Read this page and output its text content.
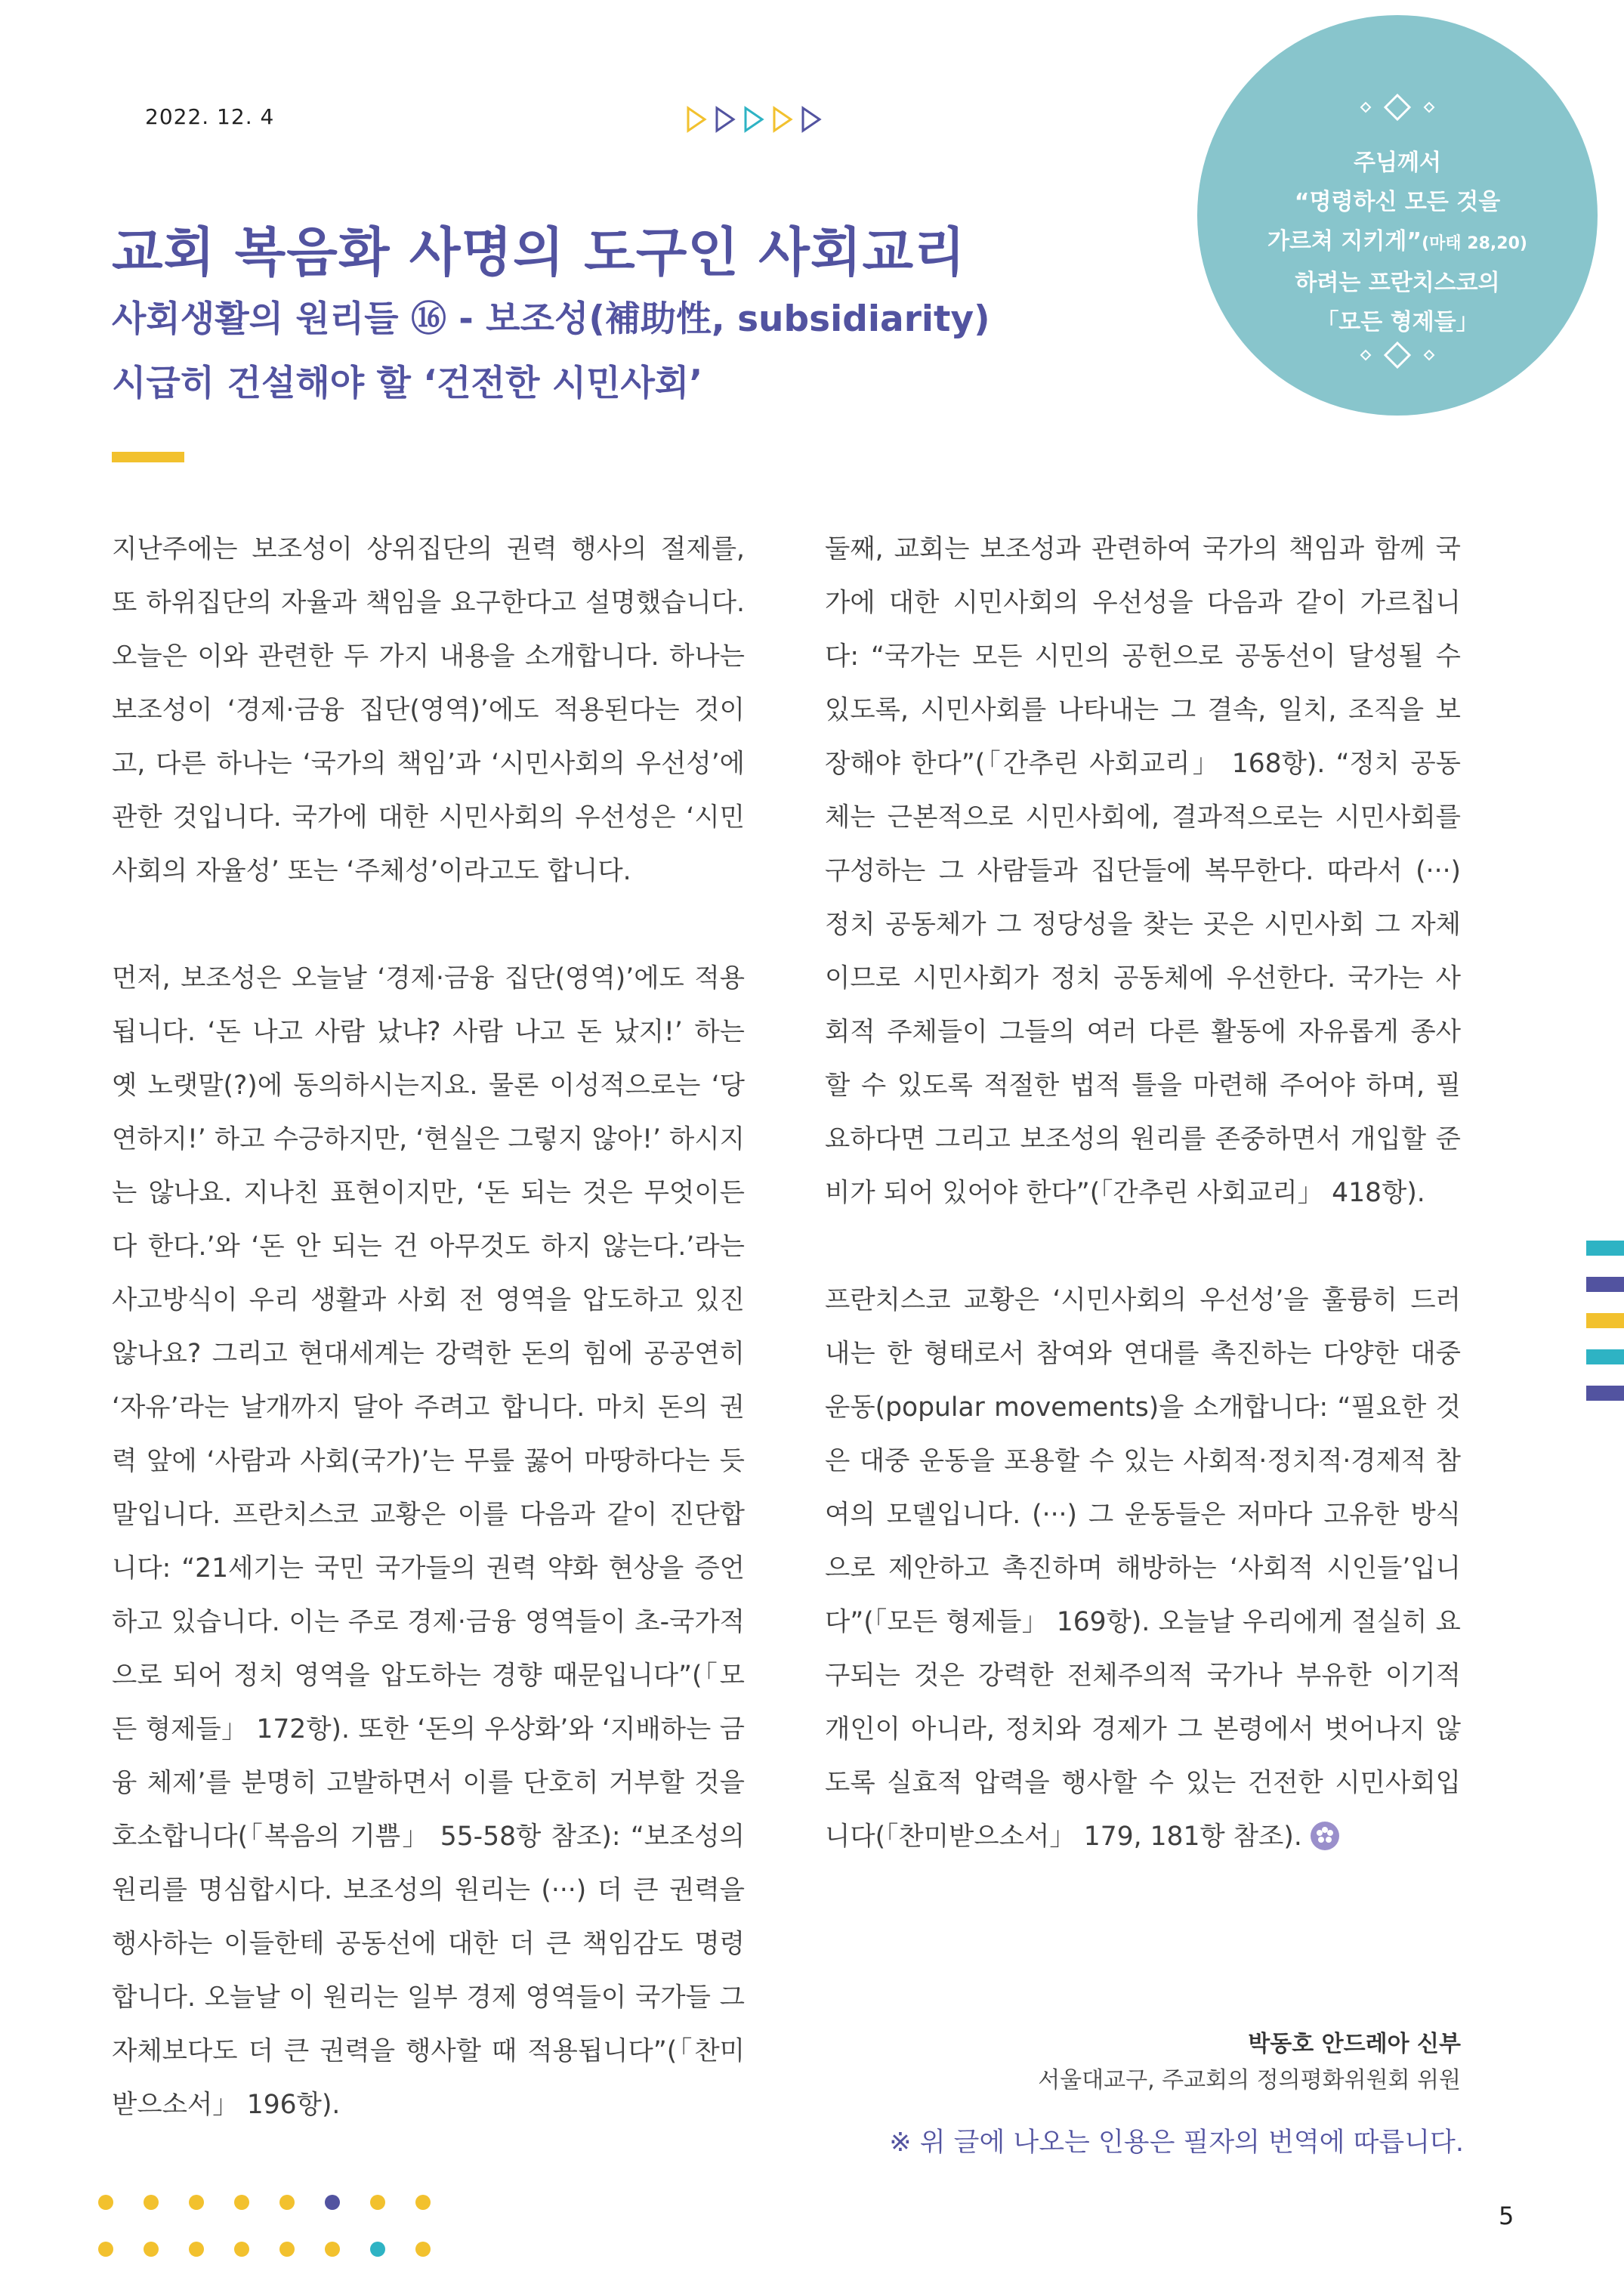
2022. 12. 4
주님께서
“명령하신 모든 것을
가르쳐 지키게”(마태 28,20)
하려는 프란치스코의
「모든 형제들」
교회 복음화 사명의 도구인 사회교리
사회생활의 원리들 ⑯ - 보조성(補助性, subsidiarity)
시급히 건설해야 할 ‘건전한 시민사회’

지난주에는 보조성이 상위집단의 권력 행사의 절제를, 또 하위집단의 자율과 책임을 요구한다고 설명했습니다. 오늘은 이와 관련한 두 가지 내용을 소개합니다. 하나는 보조성이 ‘경제·금융 집단(영역)’에도 적용된다는 것이고, 다른 하나는 ‘국가의 책임’과 ‘시민사회의 우선성’에 관한 것입니다. 국가에 대한 시민사회의 우선성은 ‘시민사회의 자율성’ 또는 ‘주체성’이라고도 합니다.

먼저, 보조성은 오늘날 ‘경제·금융 집단(영역)’에도 적용됩니다. ‘돈 나고 사람 났냐? 사람 나고 돈 났지!’ 하는 옛 노랫말(?)에 동의하시는지요. 물론 이성적으로는 ‘당연하지!’ 하고 수긍하지만, ‘현실은 그렇지 않아!’ 하시지는 않나요. 지나친 표현이지만, ‘돈 되는 것은 무엇이든 다 한다.’와 ‘돈 안 되는 건 아무것도 하지 않는다.’라는 사고방식이 우리 생활과 사회 전 영역을 압도하고 있진 않나요? 그리고 현대세계는 강력한 돈의 힘에 공공연히 ‘자유’라는 날개까지 달아 주려고 합니다. 마치 돈의 권력 앞에 ‘사람과 사회(국가)’는 무릎 꿇어 마땅하다는 듯 말입니다. 프란치스코 교황은 이를 다음과 같이 진단합니다: “21세기는 국민 국가들의 권력 약화 현상을 증언하고 있습니다. 이는 주로 경제·금융 영역들이 초-국가적으로 되어 정치 영역을 압도하는 경향 때문입니다”(「모든 형제들」 172항). 또한 ‘돈의 우상화’와 ‘지배하는 금융 체제’를 분명히 고발하면서 이를 단호히 거부할 것을 호소합니다(「복음의 기쁨」 55-58항 참조): “보조성의 원리를 명심합시다. 보조성의 원리는 (···) 더 큰 권력을 행사하는 이들한테 공동선에 대한 더 큰 책임감도 명령합니다. 오늘날 이 원리는 일부 경제 영역들이 국가들 그 자체보다도 더 큰 권력을 행사할 때 적용됩니다”(「찬미받으소서」 196항).

둘째, 교회는 보조성과 관련하여 국가의 책임과 함께 국가에 대한 시민사회의 우선성을 다음과 같이 가르칩니다: “국가는 모든 시민의 공헌으로 공동선이 달성될 수 있도록, 시민사회를 나타내는 그 결속, 일치, 조직을 보장해야 한다”(「간추린 사회교리」 168항). “정치 공동체는 근본적으로 시민사회에, 결과적으로는 시민사회를 구성하는 그 사람들과 집단들에 복무한다. 따라서 (···) 정치 공동체가 그 정당성을 찾는 곳은 시민사회 그 자체이므로 시민사회가 정치 공동체에 우선한다. 국가는 사회적 주체들이 그들의 여러 다른 활동에 자유롭게 종사할 수 있도록 적절한 법적 틀을 마련해 주어야 하며, 필요하다면 그리고 보조성의 원리를 존중하면서 개입할 준비가 되어 있어야 한다”(「간추린 사회교리」 418항).

프란치스코 교황은 ‘시민사회의 우선성’을 훌륭히 드러내는 한 형태로서 참여와 연대를 촉진하는 다양한 대중 운동(popular movements)을 소개합니다: “필요한 것은 대중 운동을 포용할 수 있는 사회적·정치적·경제적 참여의 모델입니다. (···) 그 운동들은 저마다 고유한 방식으로 제안하고 촉진하며 해방하는 ‘사회적 시인들’입니다”(「모든 형제들」 169항). 오늘날 우리에게 절실히 요구되는 것은 강력한 전체주의적 국가나 부유한 이기적 개인이 아니라, 정치와 경제가 그 본령에서 벗어나지 않도록 실효적 압력을 행사할 수 있는 건전한 시민사회입니다(「찬미받으소서」 179, 181항 참조).

박동호 안드레아 신부
서울대교구, 주교회의 정의평화위원회 위원
※ 위 글에 나오는 인용은 필자의 번역에 따릅니다.
5
